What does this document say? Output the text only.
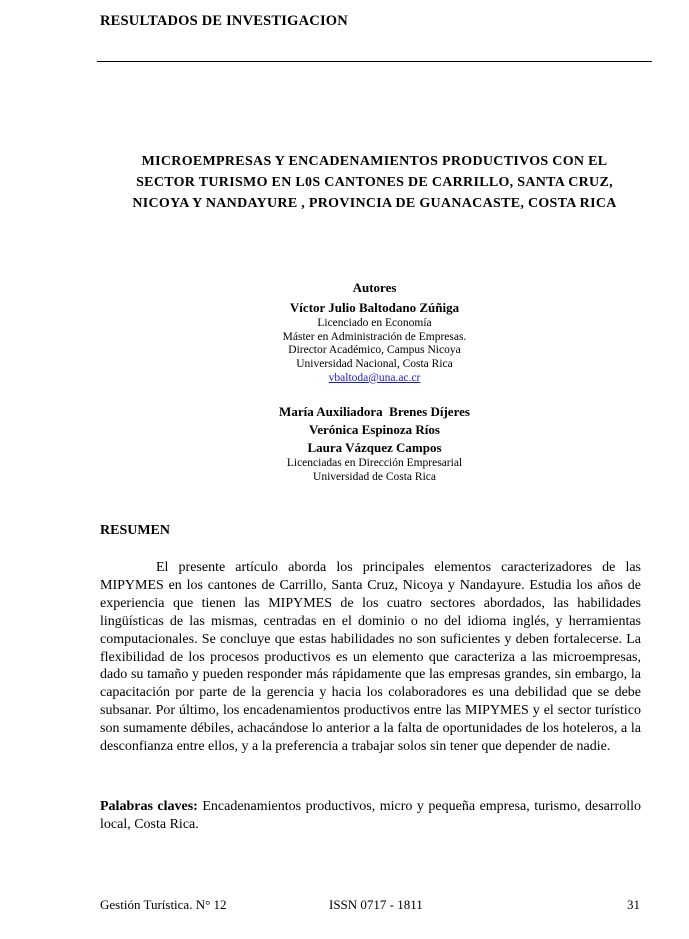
RESULTADOS DE INVESTIGACION
MICROEMPRESAS Y ENCADENAMIENTOS PRODUCTIVOS CON EL
SECTOR TURISMO EN L0S CANTONES DE CARRILLO, SANTA CRUZ,
NICOYA Y NANDAYURE , PROVINCIA DE GUANACASTE, COSTA RICA
Autores
Víctor Julio Baltodano Zúñiga
Licenciado en Economía
Máster en Administración de Empresas.
Director Académico, Campus Nicoya
Universidad Nacional, Costa Rica
vbaltoda@una.ac.cr
María Auxiliadora  Brenes Díjeres
Verónica Espinoza Ríos
Laura Vázquez Campos
Licenciadas en Dirección Empresarial
Universidad de Costa Rica
RESUMEN

El presente artículo aborda los principales elementos caracterizadores de las MIPYMES en los cantones de Carrillo, Santa Cruz, Nicoya y Nandayure. Estudia los años de experiencia que tienen las MIPYMES de los cuatro sectores abordados, las habilidades lingüísticas de las mismas, centradas en el dominio o no del idioma inglés, y herramientas computacionales. Se concluye que estas habilidades no son suficientes y deben fortalecerse. La flexibilidad de los procesos productivos es un elemento que caracteriza a las microempresas, dado su tamaño y pueden responder más rápidamente que las empresas grandes, sin embargo, la capacitación por parte de la gerencia y hacia los colaboradores es una debilidad que se debe subsanar. Por último, los encadenamientos productivos entre las MIPYMES y el sector turístico son sumamente débiles, achacándose lo anterior a la falta de oportunidades de los hoteleros, a la desconfianza entre ellos, y a la preferencia a trabajar solos sin tener que depender de nadie.

Palabras claves: Encadenamientos productivos, micro y pequeña empresa, turismo, desarrollo local, Costa Rica.

Gestión Turística. N° 12	ISSN 0717 - 1811	31
